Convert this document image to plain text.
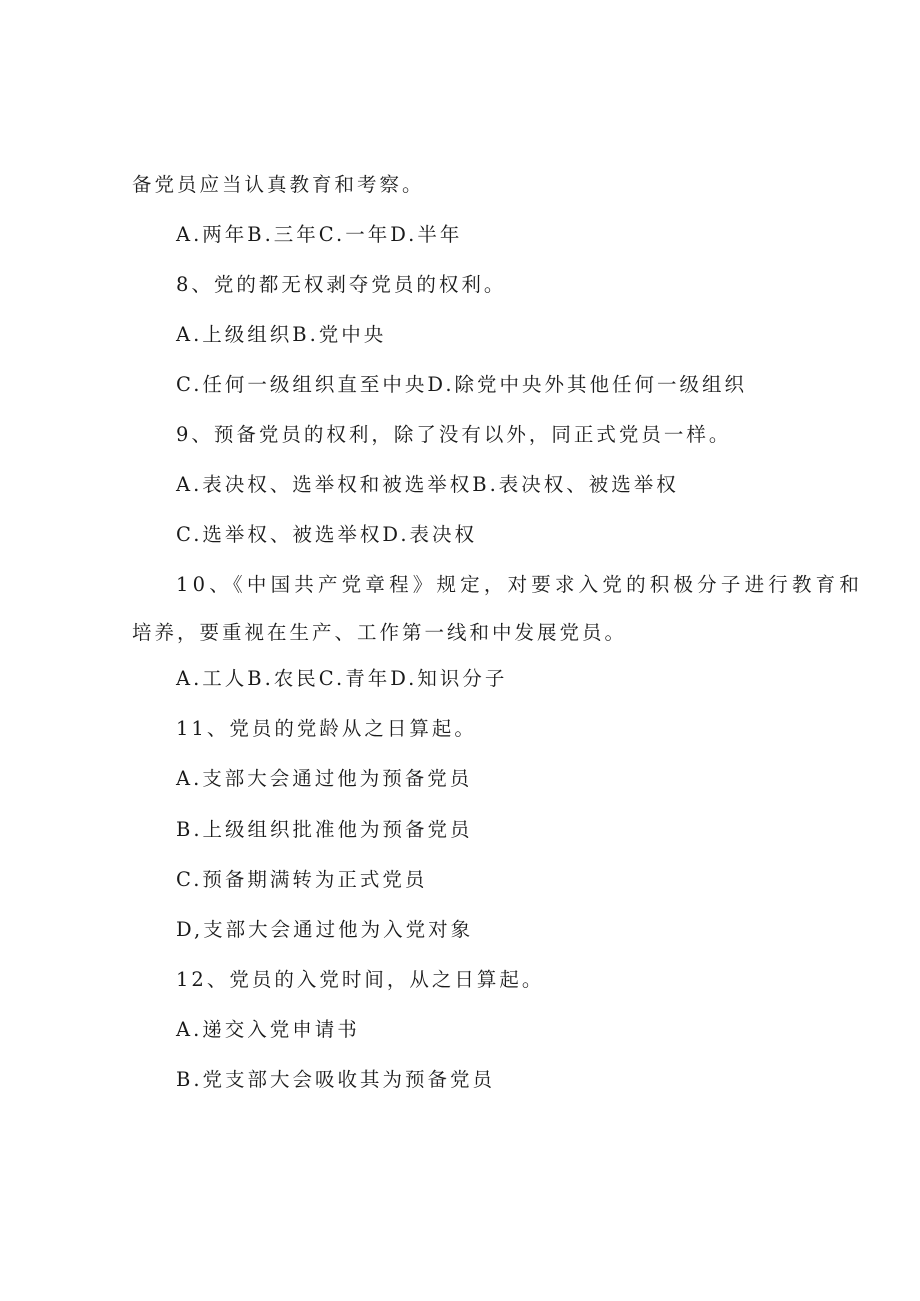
备党员应当认真教育和考察。
A.两年B.三年C.一年D.半年
8、党的都无权剥夺党员的权利。
A.上级组织B.党中央
C.任何一级组织直至中央D.除党中央外其他任何一级组织
9、预备党员的权利，除了没有以外，同正式党员一样。
A.表决权、选举权和被选举权B.表决权、被选举权
C.选举权、被选举权D.表决权
10、《中国共产党章程》规定，对要求入党的积极分子进行教育和
培养，要重视在生产、工作第一线和中发展党员。
A.工人B.农民C.青年D.知识分子
11、党员的党龄从之日算起。
A.支部大会通过他为预备党员
B.上级组织批准他为预备党员
C.预备期满转为正式党员
D,支部大会通过他为入党对象
12、党员的入党时间，从之日算起。
A.递交入党申请书
B.党支部大会吸收其为预备党员
